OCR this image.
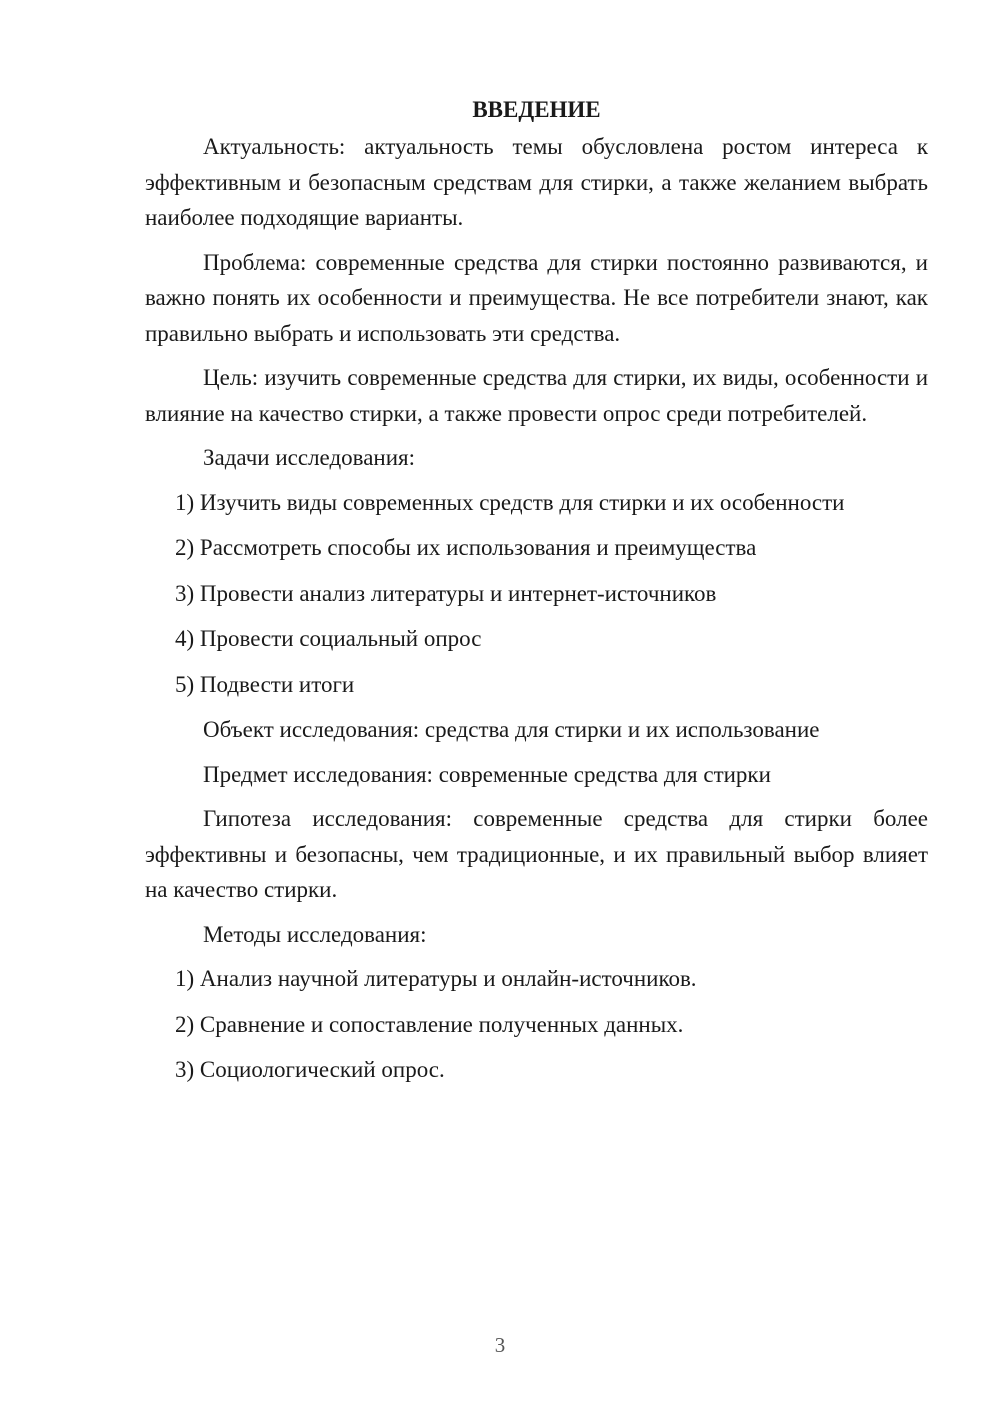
ВВЕДЕНИЕ

Актуальность: актуальность темы обусловлена ростом интереса к эффективным и безопасным средствам для стирки, а также желанием выбрать наиболее подходящие варианты.

Проблема: современные средства для стирки постоянно развиваются, и важно понять их особенности и преимущества. Не все потребители знают, как правильно выбрать и использовать эти средства.

Цель: изучить современные средства для стирки, их виды, особенности и влияние на качество стирки, а также провести опрос среди потребителей.

Задачи исследования:

1) Изучить виды современных средств для стирки и их особенности
2) Рассмотреть способы их использования и преимущества
3) Провести анализ литературы и интернет-источников
4) Провести социальный опрос
5) Подвести итоги

Объект исследования: средства для стирки и их использование

Предмет исследования: современные средства для стирки

Гипотеза исследования: современные средства для стирки более эффективны и безопасны, чем традиционные, и их правильный выбор влияет на качество стирки.

Методы исследования:

1) Анализ научной литературы и онлайн-источников.
2) Сравнение и сопоставление полученных данных.
3) Социологический опрос.
3
